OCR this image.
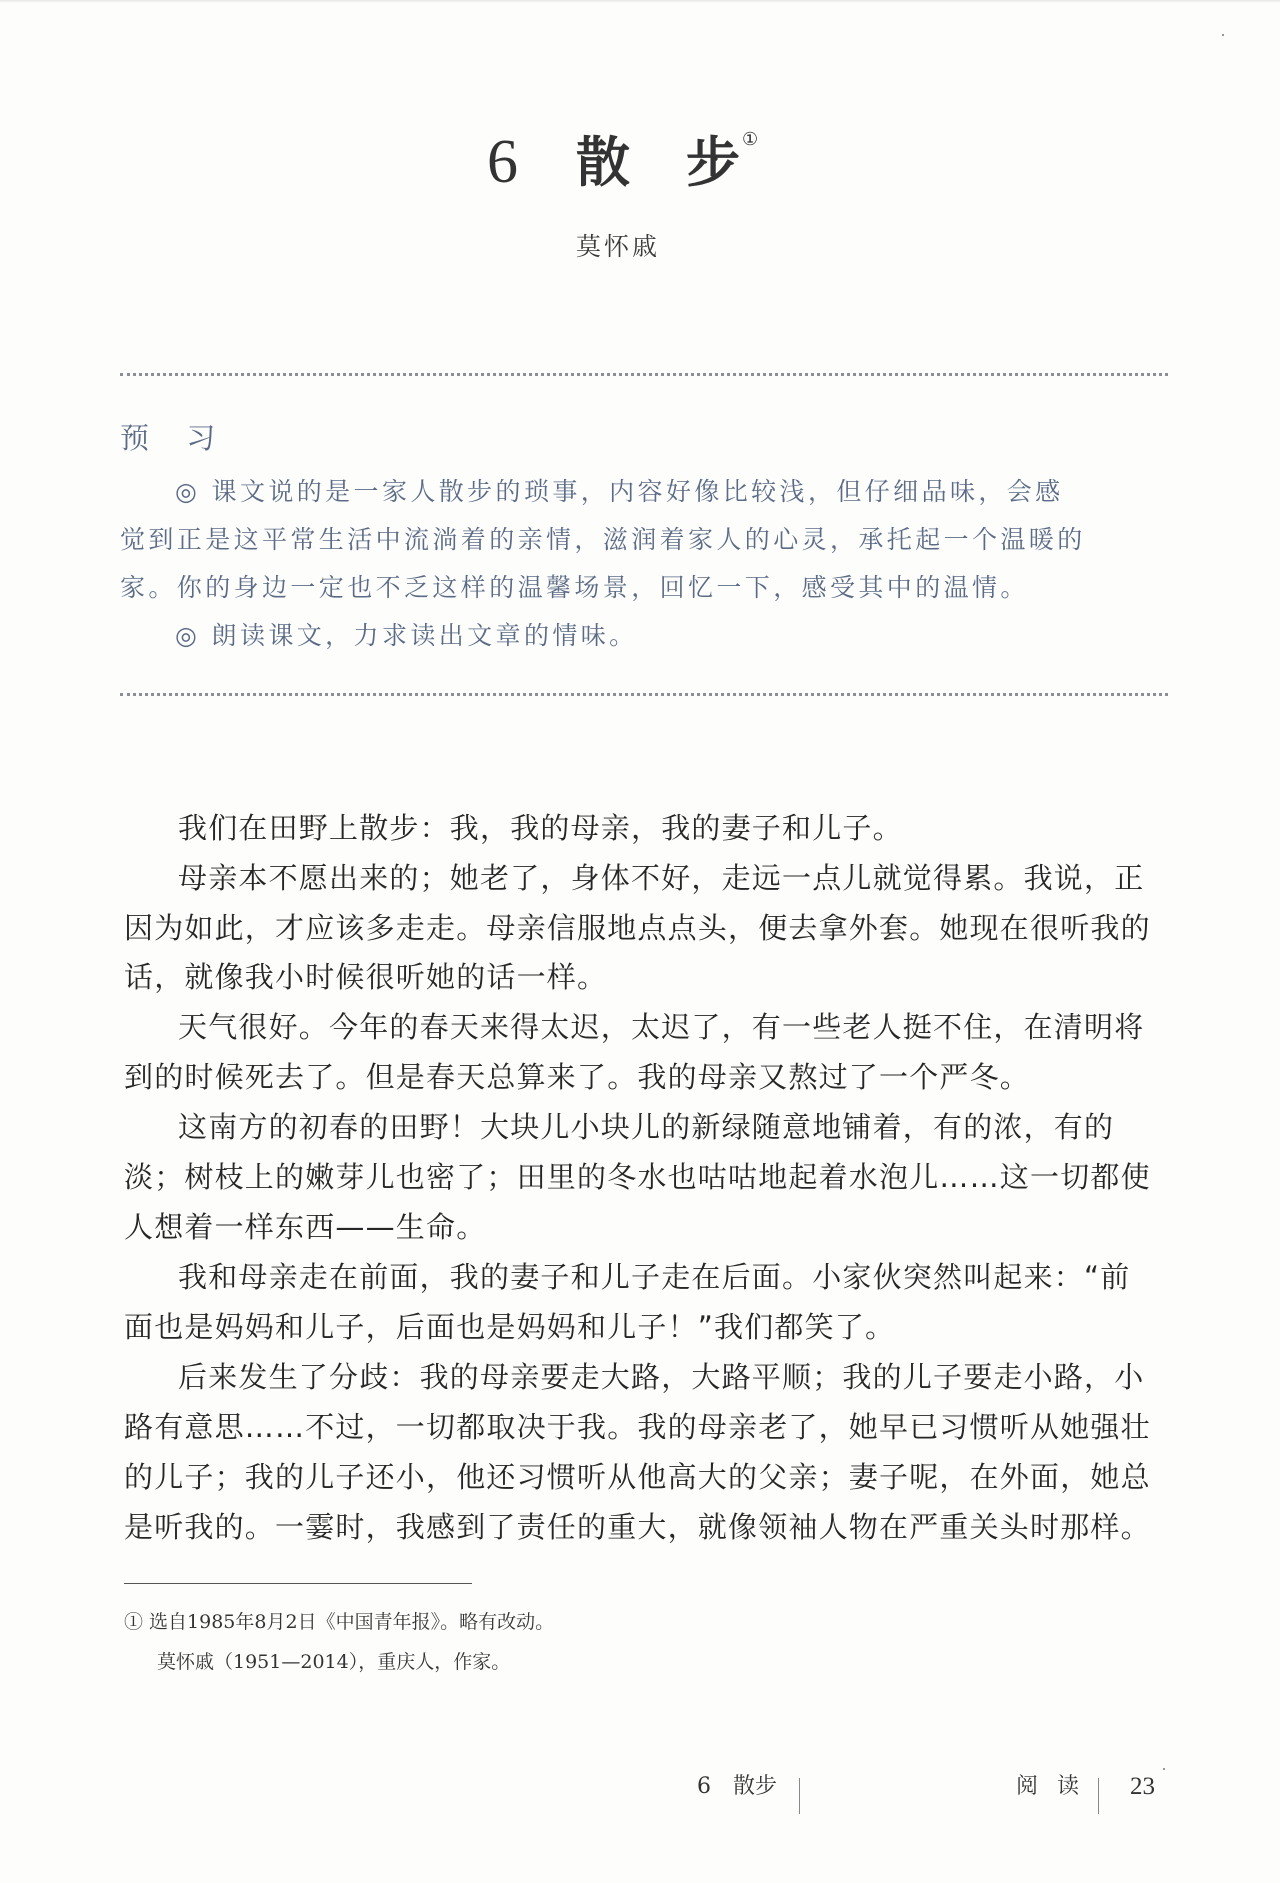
6 散 步 ①
莫怀戚
预 习
◎ 课文说的是一家人散步的琐事，内容好像比较浅，但仔细品味，会感
觉到正是这平常生活中流淌着的亲情，滋润着家人的心灵，承托起一个温暖的
家。你的身边一定也不乏这样的温馨场景，回忆一下，感受其中的温情。
◎ 朗读课文，力求读出文章的情味。
我们在田野上散步：我，我的母亲，我的妻子和儿子。
母亲本不愿出来的；她老了，身体不好，走远一点儿就觉得累。我说，正
因为如此，才应该多走走。母亲信服地点点头，便去拿外套。她现在很听我的
话，就像我小时候很听她的话一样。
天气很好。今年的春天来得太迟，太迟了，有一些老人挺不住，在清明将
到的时候死去了。但是春天总算来了。我的母亲又熬过了一个严冬。
这南方的初春的田野！大块儿小块儿的新绿随意地铺着，有的浓，有的
淡；树枝上的嫩芽儿也密了；田里的冬水也咕咕地起着水泡儿……这一切都使
人想着一样东西——生命。
我和母亲走在前面，我的妻子和儿子走在后面。小家伙突然叫起来：“前
面也是妈妈和儿子，后面也是妈妈和儿子！”我们都笑了。
后来发生了分歧：我的母亲要走大路，大路平顺；我的儿子要走小路，小
路有意思……不过，一切都取决于我。我的母亲老了，她早已习惯听从她强壮
的儿子；我的儿子还小，他还习惯听从他高大的父亲；妻子呢，在外面，她总
是听我的。一霎时，我感到了责任的重大，就像领袖人物在严重关头时那样。
① 选自1985年8月2日《中国青年报》。略有改动。
莫怀戚（1951—2014），重庆人，作家。
6　散步	阅 读 23
